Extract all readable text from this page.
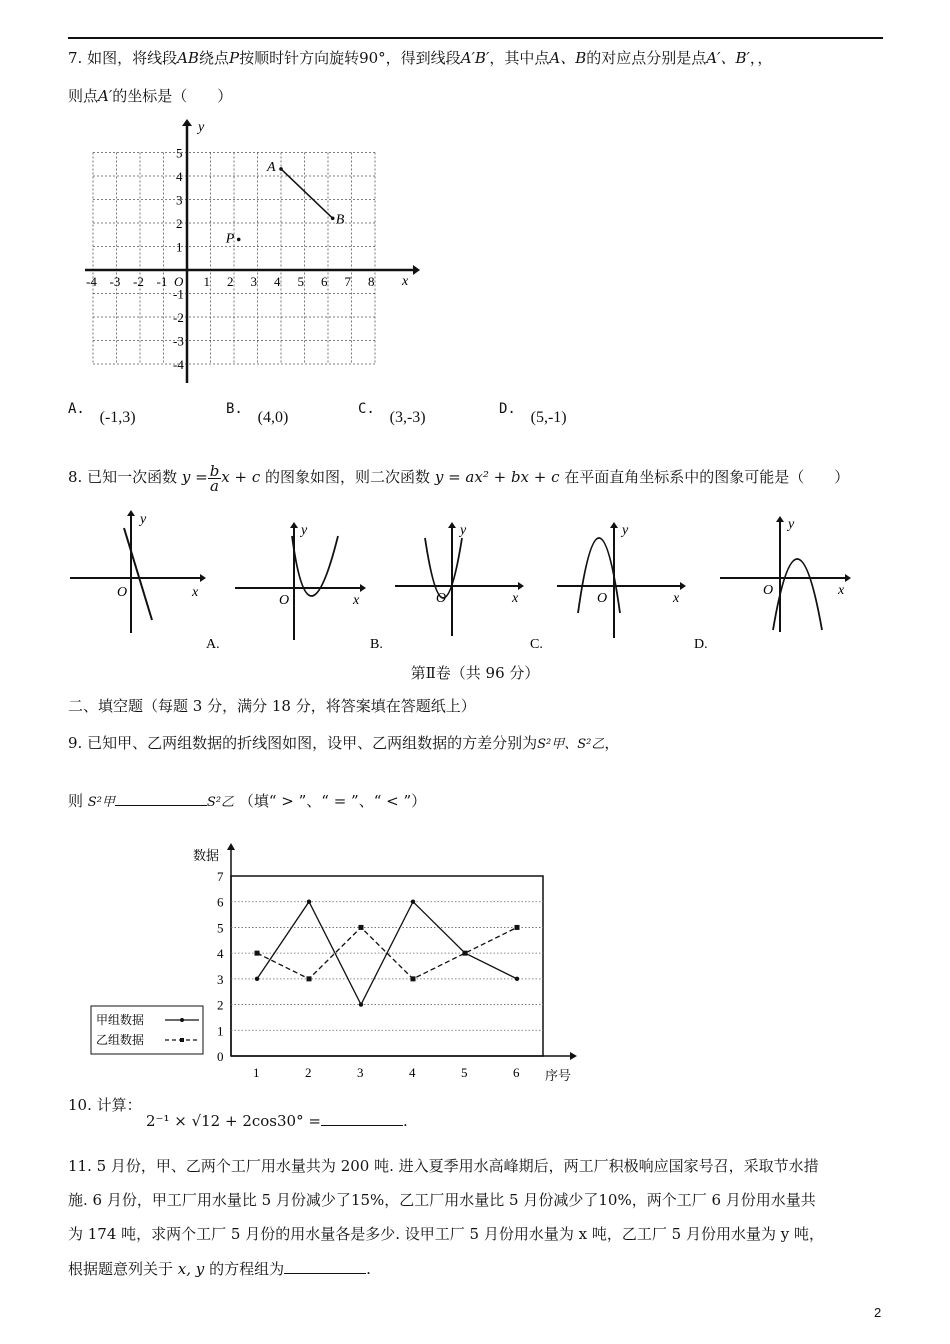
7. 如图，将线段AB绕点P按顺时针方向旋转90°，得到线段A′B′，其中点A、B的对应点分别是点A′、B′，，
则点A′的坐标是（　　）
x
y
-4 -3 -2 -1 O 1 2 3 4 5 6 7 8
5
4
3
2
1
-1
-2
-3
-4
A
B
P
A. (-1,3)	B. (4,0)	C. (3,-3)	D. (5,-1)
8. 已知一次函数 $y = \frac{b}{a}$ x + c 的图象如图，则二次函数 y = ax² + bx + c 在平面直角坐标系中的图象可能是（　　）
x
y
O
x
y
O	x
y
O	x
y
O
x
y
O
A.	B.	C.	D.
第Ⅱ卷（共 96 分）
二、填空题（每题 3 分，满分 18 分，将答案填在答题纸上）
9. 已知甲、乙两组数据的折线图如图，设甲、乙两组数据的方差分别为S²甲、S²乙，
则 S²甲	S²乙 （填“ > ”、“ = ”、“ < ”）
数据
序号
0
1
2
3
4
5
6
7
1	2	3	4	5	6
甲组数据
乙组数据
10. 计算：
2⁻¹ × √12 + 2cos30° =	.
11. 5 月份，甲、乙两个工厂用水量共为 200 吨. 进入夏季用水高峰期后，两工厂积极响应国家号召，采取节水措
施. 6 月份，甲工厂用水量比 5 月份减少了15%，乙工厂用水量比 5 月份减少了10%，两个工厂 6 月份用水量共
为 174 吨，求两个工厂 5 月份的用水量各是多少. 设甲工厂 5 月份用水量为 x 吨，乙工厂 5 月份用水量为 y 吨，
根据题意列关于 x, y 的方程组为	.
2
